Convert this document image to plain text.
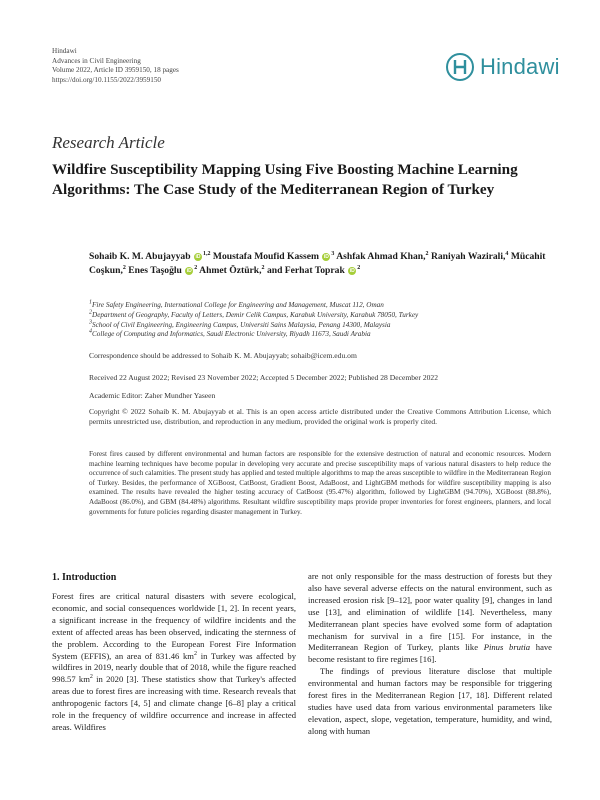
Hindawi
Advances in Civil Engineering
Volume 2022, Article ID 3959150, 18 pages
https://doi.org/10.1155/2022/3959150
Hindawi
Research Article
Wildfire Susceptibility Mapping Using Five Boosting Machine Learning Algorithms: The Case Study of the Mediterranean Region of Turkey
Sohaib K. M. Abujayyab iD $^{1,2}$ Moustafa Moufid Kassem iD $^3$ Ashfak Ahmad Khan,$^2$ Raniyah Wazirali,$^4$ Mücahit Coşkun,$^2$ Enes Taşoğlu iD $^2$ Ahmet Öztürk,$^2$ and Ferhat Toprak iD $^2$
$^1$Fire Safety Engineering, International College for Engineering and Management, Muscat 112, Oman
$^2$Department of Geography, Faculty of Letters, Demir Celik Campus, Karabuk University, Karabuk 78050, Turkey
$^3$School of Civil Engineering, Engineering Campus, Universiti Sains Malaysia, Penang 14300, Malaysia
$^4$College of Computing and Informatics, Saudi Electronic University, Riyadh 11673, Saudi Arabia
Correspondence should be addressed to Sohaib K. M. Abujayyab; sohaib@icem.edu.om
Received 22 August 2022; Revised 23 November 2022; Accepted 5 December 2022; Published 28 December 2022
Academic Editor: Zaher Mundher Yaseen
Copyright © 2022 Sohaib K. M. Abujayyab et al. This is an open access article distributed under the Creative Commons Attribution License, which permits unrestricted use, distribution, and reproduction in any medium, provided the original work is properly cited.
Forest fires caused by different environmental and human factors are responsible for the extensive destruction of natural and economic resources. Modern machine learning techniques have become popular in developing very accurate and precise susceptibility maps of various natural disasters to help reduce the occurrence of such calamities. The present study has applied and tested multiple algorithms to map the areas susceptible to wildfire in the Mediterranean Region of Turkey. Besides, the performance of XGBoost, CatBoost, Gradient Boost, AdaBoost, and LightGBM methods for wildfire susceptibility mapping is also examined. The results have revealed the higher testing accuracy of CatBoost (95.47%) algorithm, followed by LightGBM (94.70%), XGBoost (88.8%), AdaBoost (86.0%), and GBM (84.48%) algorithms. Resultant wildfire susceptibility maps provide proper inventories for forest engineers, planners, and local governments for future policies regarding disaster management in Turkey.
1. Introduction

Forest fires are critical natural disasters with severe ecological, economic, and social consequences worldwide [1, 2]. In recent years, a significant increase in the frequency of wildfire incidents and the extent of affected areas has been observed, indicating the sternness of the problem. According to the European Forest Fire Information System (EFFIS), an area of 831.46 $km^2$ in Turkey was affected by wildfires in 2019, nearly double that of 2018, while the figure reached 998.57 $km^2$ in 2020 [3]. These statistics show that Turkey's affected areas due to forest fires are increasing with time. Research reveals that anthropogenic factors [4, 5] and climate change [6–8] play a critical role in the frequency of wildfire occurrence and increase in affected areas. Wildfires

are not only responsible for the mass destruction of forests but they also have several adverse effects on the natural environment, such as increased erosion risk [9–12], poor water quality [9], changes in land use [13], and elimination of wildlife [14]. Nevertheless, many Mediterranean plant species have evolved some form of adaptation mechanism for survival in a fire [15]. For instance, in the Mediterranean Region of Turkey, plants like Pinus brutia have become resistant to fire regimes [16].

The findings of previous literature disclose that multiple environmental and human factors may be responsible for triggering forest fires in the Mediterranean Region [17, 18]. Different related studies have used data from various environmental parameters like elevation, aspect, slope, vegetation, temperature, humidity, and wind, along with human
